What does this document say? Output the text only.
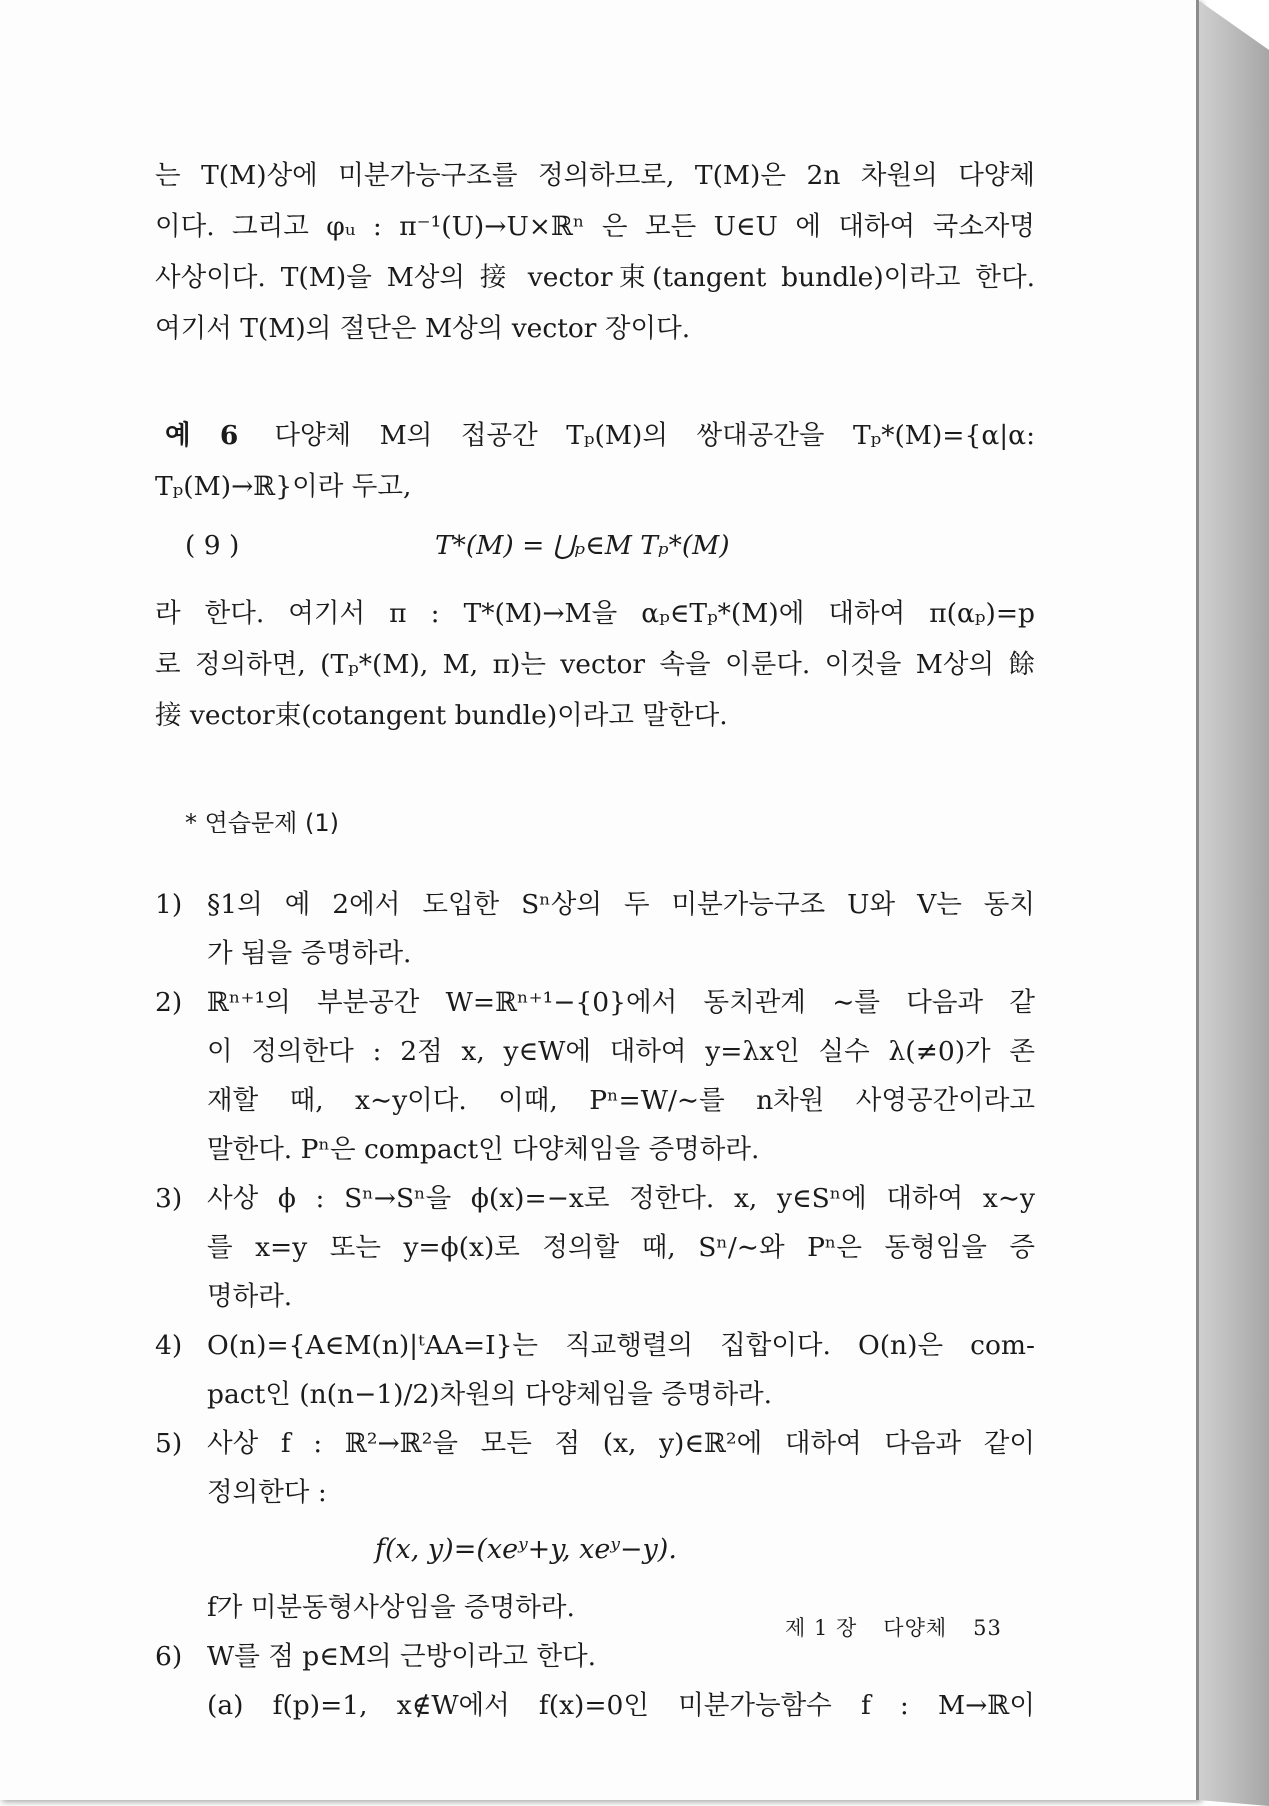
는 T(M)상에 미분가능구조를 정의하므로, T(M)은 2n 차원의 다양체
이다. 그리고 φᵤ : π⁻¹(U)→U×ℝⁿ 은 모든 U∈U 에 대하여 국소자명
사상이다. T(M)을 M상의 接 vector束(tangent bundle)이라고 한다.
여기서 T(M)의 절단은 M상의 vector 장이다.
예 6 다양체 M의 접공간 Tₚ(M)의 쌍대공간을 Tₚ*(M)={α|α:
Tₚ(M)→ℝ}이라 두고,
( 9 )	T*(M) = ⋃ₚ∈M Tₚ*(M)
라 한다. 여기서 π : T*(M)→M을 αₚ∈Tₚ*(M)에 대하여 π(αₚ)=p
로 정의하면, (Tₚ*(M), M, π)는 vector 속을 이룬다. 이것을 M상의 餘
接 vector束(cotangent bundle)이라고 말한다.

* 연습문제 (1)

1) §1의 예 2에서 도입한 Sⁿ상의 두 미분가능구조 U와 V는 동치
가 됨을 증명하라.
2) ℝⁿ⁺¹의 부분공간 W=ℝⁿ⁺¹−{0}에서 동치관계 ∼를 다음과 같
이 정의한다 : 2점 x, y∈W에 대하여 y=λx인 실수 λ(≠0)가 존
재할 때, x∼y이다. 이때, Pⁿ=W/∼를 n차원 사영공간이라고
말한다. Pⁿ은 compact인 다양체임을 증명하라.
3) 사상 ϕ : Sⁿ→Sⁿ을 ϕ(x)=−x로 정한다. x, y∈Sⁿ에 대하여 x∼y
를 x=y 또는 y=ϕ(x)로 정의할 때, Sⁿ/∼와 Pⁿ은 동형임을 증
명하라.
4) O(n)={A∈M(n)|ᵗAA=I}는 직교행렬의 집합이다. O(n)은 com-
pact인 (n(n−1)/2)차원의 다양체임을 증명하라.
5) 사상 f : ℝ²→ℝ²을 모든 점 (x, y)∈ℝ²에 대하여 다음과 같이
정의한다 :
f(x, y)=(xeʸ+y, xeʸ−y).
f가 미분동형사상임을 증명하라.
6) W를 점 p∈M의 근방이라고 한다.
(a) f(p)=1, x∉W에서 f(x)=0인 미분가능함수 f : M→ℝ이
제 1 장 다양체 53
